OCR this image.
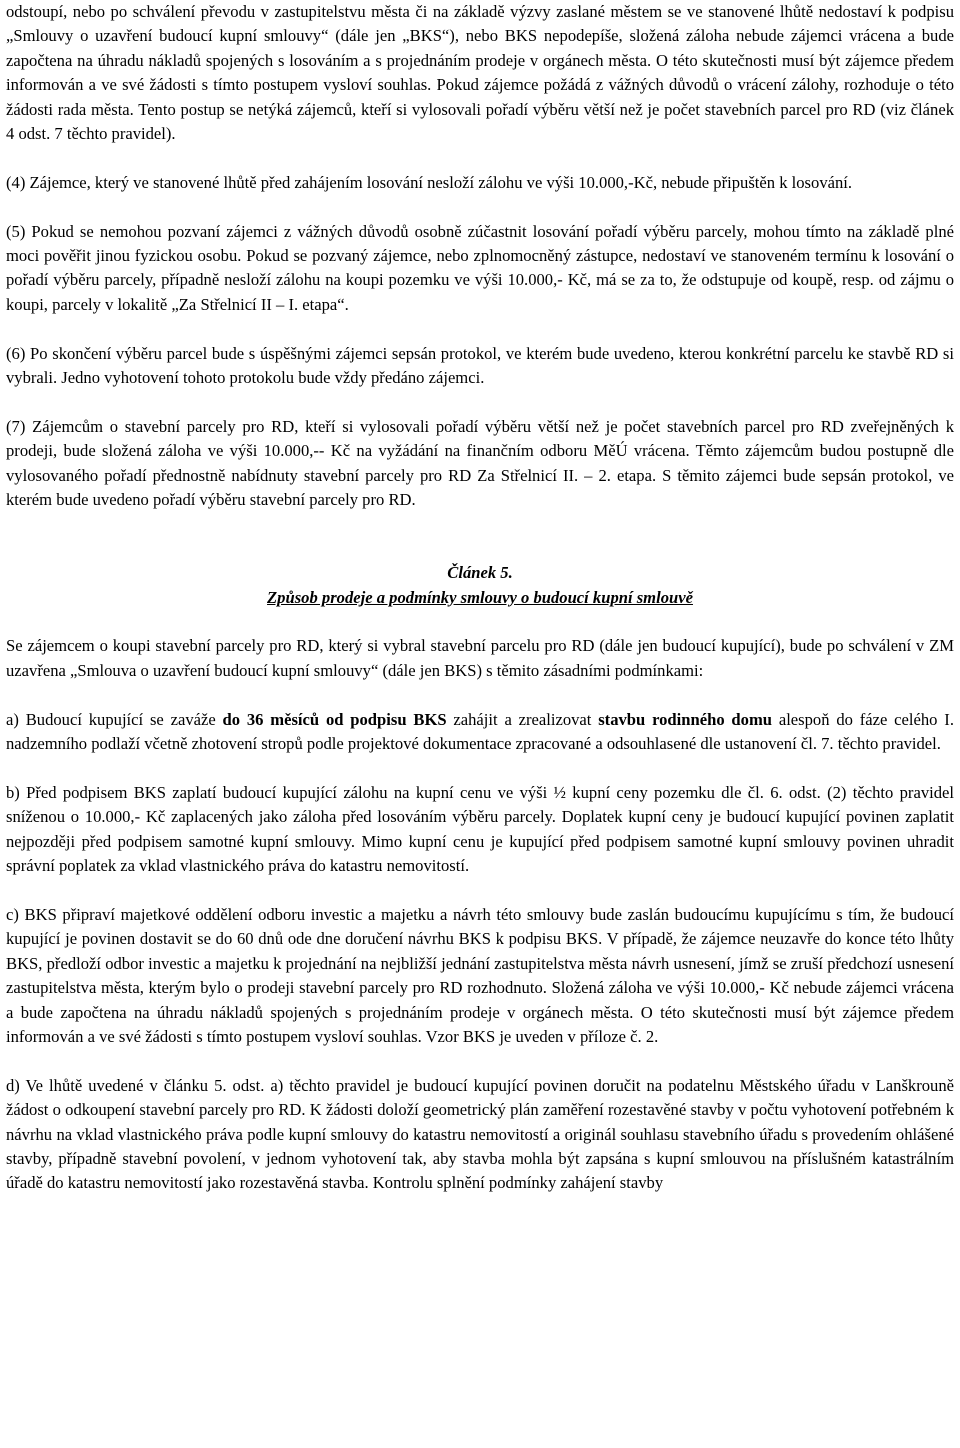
odstoupí, nebo po schválení převodu v zastupitelstvu města či na základě výzvy zaslané městem se ve stanovené lhůtě nedostaví k podpisu „Smlouvy o uzavření budoucí kupní smlouvy“ (dále jen „BKS“), nebo BKS nepodepíše, složená záloha nebude zájemci vrácena a bude započtena na úhradu nákladů spojených s losováním a s projednáním prodeje v orgánech města. O této skutečnosti musí být zájemce předem informován a ve své žádosti s tímto postupem vysloví souhlas. Pokud zájemce požádá z vážných důvodů o vrácení zálohy, rozhoduje o této žádosti rada města. Tento postup se netýká zájemců, kteří si vylosovali pořadí výběru větší než je počet stavebních parcel pro RD (viz článek 4 odst. 7 těchto pravidel).

(4) Zájemce, který ve stanovené lhůtě před zahájením losování nesloží zálohu ve výši 10.000,-Kč, nebude připuštěn k losování.

(5) Pokud se nemohou pozvaní zájemci z vážných důvodů osobně zúčastnit losování pořadí výběru parcely, mohou tímto na základě plné moci pověřit jinou fyzickou osobu. Pokud se pozvaný zájemce, nebo zplnomocněný zástupce, nedostaví ve stanoveném termínu k losování o pořadí výběru parcely, případně nesloží zálohu na koupi pozemku ve výši 10.000,- Kč, má se za to, že odstupuje od koupě, resp. od zájmu o koupi, parcely v lokalitě „Za Střelnicí II – I. etapa“.

(6) Po skončení výběru parcel bude s úspěšnými zájemci sepsán protokol, ve kterém bude uvedeno, kterou konkrétní parcelu ke stavbě RD si vybrali. Jedno vyhotovení tohoto protokolu bude vždy předáno zájemci.

(7) Zájemcům o stavební parcely pro RD, kteří si vylosovali pořadí výběru větší než je počet stavebních parcel pro RD zveřejněných k prodeji, bude složená záloha ve výši 10.000,-- Kč na vyžádání na finančním odboru MěÚ vrácena. Těmto zájemcům budou postupně dle vylosovaného pořadí přednostně nabídnuty stavební parcely pro RD Za Střelnicí II. – 2. etapa. S těmito zájemci bude sepsán protokol, ve kterém bude uvedeno pořadí výběru stavební parcely pro RD.

Článek 5.

Způsob prodeje a podmínky smlouvy o budoucí kupní smlouvě

Se zájemcem o koupi stavební parcely pro RD, který si vybral stavební parcelu pro RD (dále jen budoucí kupující), bude po schválení v ZM uzavřena „Smlouva o uzavření budoucí kupní smlouvy“ (dále jen BKS) s těmito zásadními podmínkami:

a) Budoucí kupující se zaváže do 36 měsíců od podpisu BKS zahájit a zrealizovat stavbu rodinného domu alespoň do fáze celého I. nadzemního podlaží včetně zhotovení stropů podle projektové dokumentace zpracované a odsouhlasené dle ustanovení čl. 7. těchto pravidel.

b) Před podpisem BKS zaplatí budoucí kupující zálohu na kupní cenu ve výši ½ kupní ceny pozemku dle čl. 6. odst. (2) těchto pravidel sníženou o 10.000,- Kč zaplacených jako záloha před losováním výběru parcely. Doplatek kupní ceny je budoucí kupující povinen zaplatit nejpozději před podpisem samotné kupní smlouvy. Mimo kupní cenu je kupující před podpisem samotné kupní smlouvy povinen uhradit správní poplatek za vklad vlastnického práva do katastru nemovitostí.

c) BKS připraví majetkové oddělení odboru investic a majetku a návrh této smlouvy bude zaslán budoucímu kupujícímu s tím, že budoucí kupující je povinen dostavit se do 60 dnů ode dne doručení návrhu BKS k podpisu BKS. V případě, že zájemce neuzavře do konce této lhůty BKS, předloží odbor investic a majetku k projednání na nejbližší jednání zastupitelstva města návrh usnesení, jímž se zruší předchozí usnesení zastupitelstva města, kterým bylo o prodeji stavební parcely pro RD rozhodnuto. Složená záloha ve výši 10.000,- Kč nebude zájemci vrácena a bude započtena na úhradu nákladů spojených s projednáním prodeje v orgánech města. O této skutečnosti musí být zájemce předem informován a ve své žádosti s tímto postupem vysloví souhlas. Vzor BKS je uveden v příloze č. 2.

d) Ve lhůtě uvedené v článku 5. odst. a) těchto pravidel je budoucí kupující povinen doručit na podatelnu Městského úřadu v Lanškrouně žádost o odkoupení stavební parcely pro RD. K žádosti doloží geometrický plán zaměření rozestavěné stavby v počtu vyhotovení potřebném k návrhu na vklad vlastnického práva podle kupní smlouvy do katastru nemovitostí a originál souhlasu stavebního úřadu s provedením ohlášené stavby, případně stavební povolení, v jednom vyhotovení tak, aby stavba mohla být zapsána s kupní smlouvou na příslušném katastrálním úřadě do katastru nemovitostí jako rozestavěná stavba. Kontrolu splnění podmínky zahájení stavby
